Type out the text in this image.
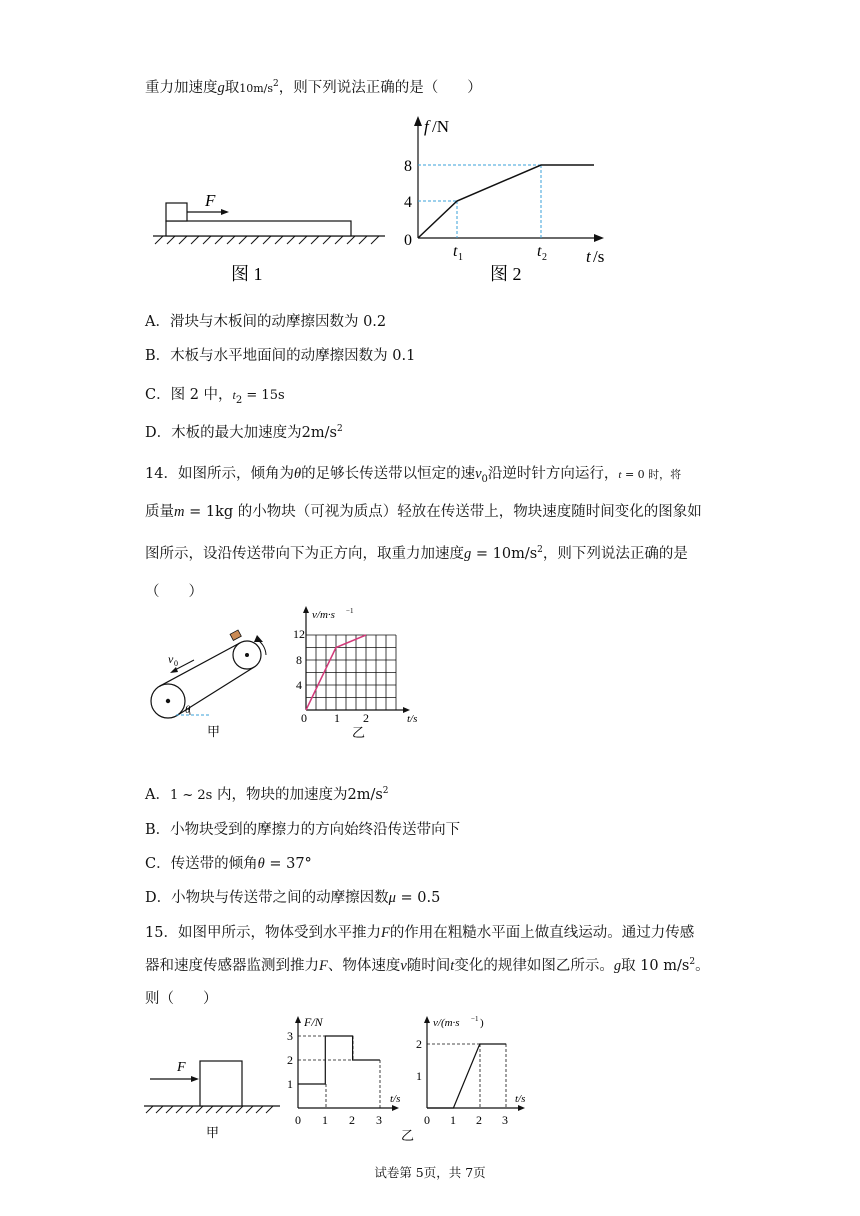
重力加速度g取$10m/s^2$，则下列说法正确的是（　　）
F
图 1
f /N
8
4
0
t 1	t 2 t /s
图 2
A．滑块与木板间的动摩擦因数为 0.2
B．木板与水平地面间的动摩擦因数为 0.1
C．图 2 中，$t_2 = 15s$
D．木板的最大加速度为$2m/s^2$
14．如图所示，倾角为θ的足够长传送带以恒定的速$v_0$沿逆时针方向运行，t = 0 时，将
质量m = 1kg 的小物块（可视为质点）轻放在传送带上，物块速度随时间变化的图象如
图所示，设沿传送带向下为正方向，取重力加速度$g = 10m/s^2$，则下列说法正确的是
（　　）
v 0
θ
甲
v/m·s −1
12
8
4
0 1 2	t/s
乙
A．1 ~ 2s 内，物块的加速度为$2m/s^2$
B．小物块受到的摩擦力的方向始终沿传送带向下
C．传送带的倾角θ = 37°
D．小物块与传送带之间的动摩擦因数μ = 0.5
15．如图甲所示，物体受到水平推力F的作用在粗糙水平面上做直线运动。通过力传感
器和速度传感器监测到推力F、物体速度v随时间t变化的规律如图乙所示。g取 10 $m/s^2$。
则（　　）
F
甲
F/N
3
2
1
0 1 2 3
t/s
v/(m·s −1 )
2
1
0 1 2 3
t/s
乙
试卷第 5页，共 7页
